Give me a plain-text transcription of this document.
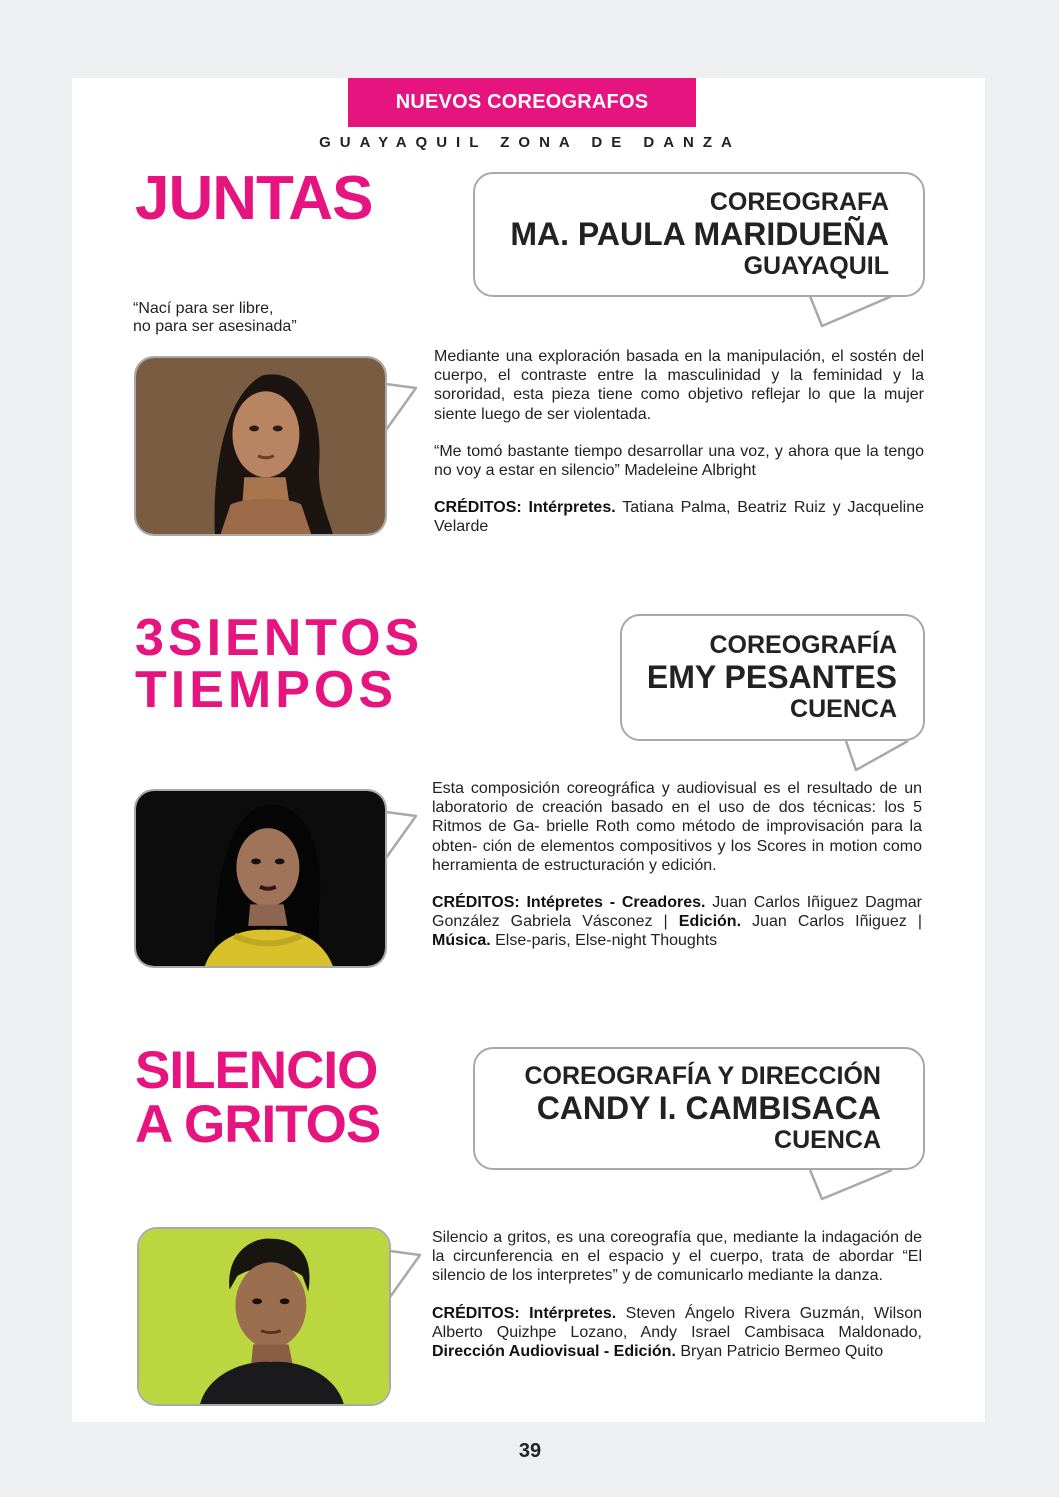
NUEVOS COREOGRAFOS
GUAYAQUIL ZONA DE DANZA
JUNTAS	COREOGRAFA
MA. PAULA MARIDUEÑA
GUAYAQUIL
“Nací para ser libre,
no para ser asesinada”

Mediante una exploración basada en la manipulación, el sostén del cuerpo, el contraste entre la masculinidad y la feminidad y la sororidad, esta pieza tiene como objetivo reflejar lo que la mujer siente luego de ser violentada.

“Me tomó bastante tiempo desarrollar una voz, y ahora que la tengo no voy a estar en silencio” Madeleine Albright

CRÉDITOS: Intérpretes. Tatiana Palma, Beatriz Ruiz y Jacqueline Velarde

3SIENTOS
TIEMPOS
COREOGRAFÍA
EMY PESANTES
CUENCA

Esta composición coreográfica y audiovisual es el resultado de un laboratorio de creación basado en el uso de dos técnicas: los 5 Ritmos de Ga- brielle Roth como método de improvisación para la obten- ción de elementos compositivos y los Scores in motion como herramienta de estructuración y edición.

CRÉDITOS: Intépretes - Creadores. Juan Carlos Iñiguez Dagmar González Gabriela Vásconez | Edición. Juan Carlos Iñiguez | Música. Else-paris, Else-night Thoughts

SILENCIO
A GRITOS
COREOGRAFÍA Y DIRECCIÓN
CANDY I. CAMBISACA
CUENCA

Silencio a gritos, es una coreografía que, mediante la indagación de la circunferencia en el espacio y el cuerpo, trata de abordar “El silencio de los interpretes” y de comunicarlo mediante la danza.

CRÉDITOS: Intérpretes. Steven Ángelo Rivera Guzmán, Wilson Alberto Quizhpe Lozano, Andy Israel Cambisaca Maldonado, Dirección Audiovisual - Edición. Bryan Patricio Bermeo Quito

39
